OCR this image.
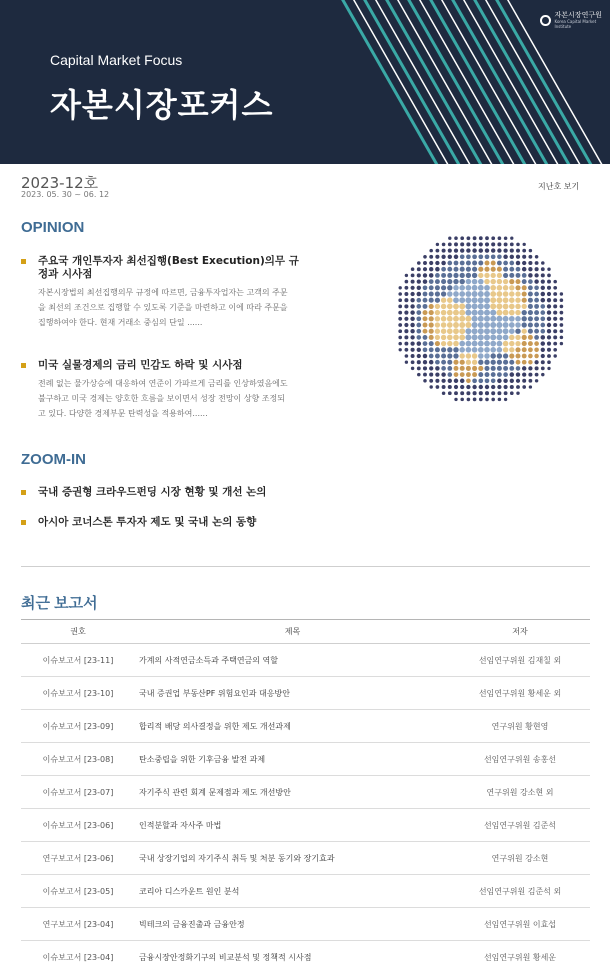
Capital Market Focus
자본시장포커스
자본시장연구원
Korea Capital Market Institute
2023-12호
2023. 05. 30 ~ 06. 12
지난호 보기
OPINION
주요국 개인투자자 최선집행(Best Execution)의무 규
정과 시사점
자본시장법의 최선집행의무 규정에 따르면, 금융투자업자는 고객의 주문
을 최선의 조건으로 집행할 수 있도록 기준을 마련하고 이에 따라 주문을
집행하여야 한다. 현재 거래소 중심의 단일 ......
미국 실물경제의 금리 민감도 하락 및 시사점
전례 없는 물가상승에 대응하여 연준이 가파르게 금리를 인상하였음에도
불구하고 미국 경제는 양호한 흐름을 보이면서 성장 전망이 상향 조정되
고 있다. 다양한 경제부문 탄력성을 적용하여......
ZOOM-IN
국내 증권형 크라우드펀딩 시장 현황 및 개선 논의
아시아 코너스톤 투자자 제도 및 국내 논의 동향
최근 보고서
권호	제목	저자
이슈보고서 [23-11]	가계의 사적연금소득과 주택연금의 역할	선임연구위원 김재칠 외
이슈보고서 [23-10]	국내 증권업 부동산PF 위험요인과 대응방안	선임연구위원 황세운 외
이슈보고서 [23-09]	합리적 배당 의사결정을 위한 제도 개선과제	연구위원 황현영
이슈보고서 [23-08]	탄소중립을 위한 기후금융 발전 과제	선임연구위원 송홍선
이슈보고서 [23-07]	자기주식 관련 회계 문제점과 제도 개선방안	연구위원 강소현 외
이슈보고서 [23-06]	인적분할과 자사주 마법	선임연구위원 김준석
연구보고서 [23-06]	국내 상장기업의 자기주식 취득 및 처분 동기와 장기효과	연구위원 강소현
이슈보고서 [23-05]	코리아 디스카운트 원인 분석	선임연구위원 김준석 외
연구보고서 [23-04]	빅테크의 금융진출과 금융안정	선임연구위원 이효섭
이슈보고서 [23-04]	금융시장안정화기구의 비교분석 및 정책적 시사점	선임연구위원 황세운
